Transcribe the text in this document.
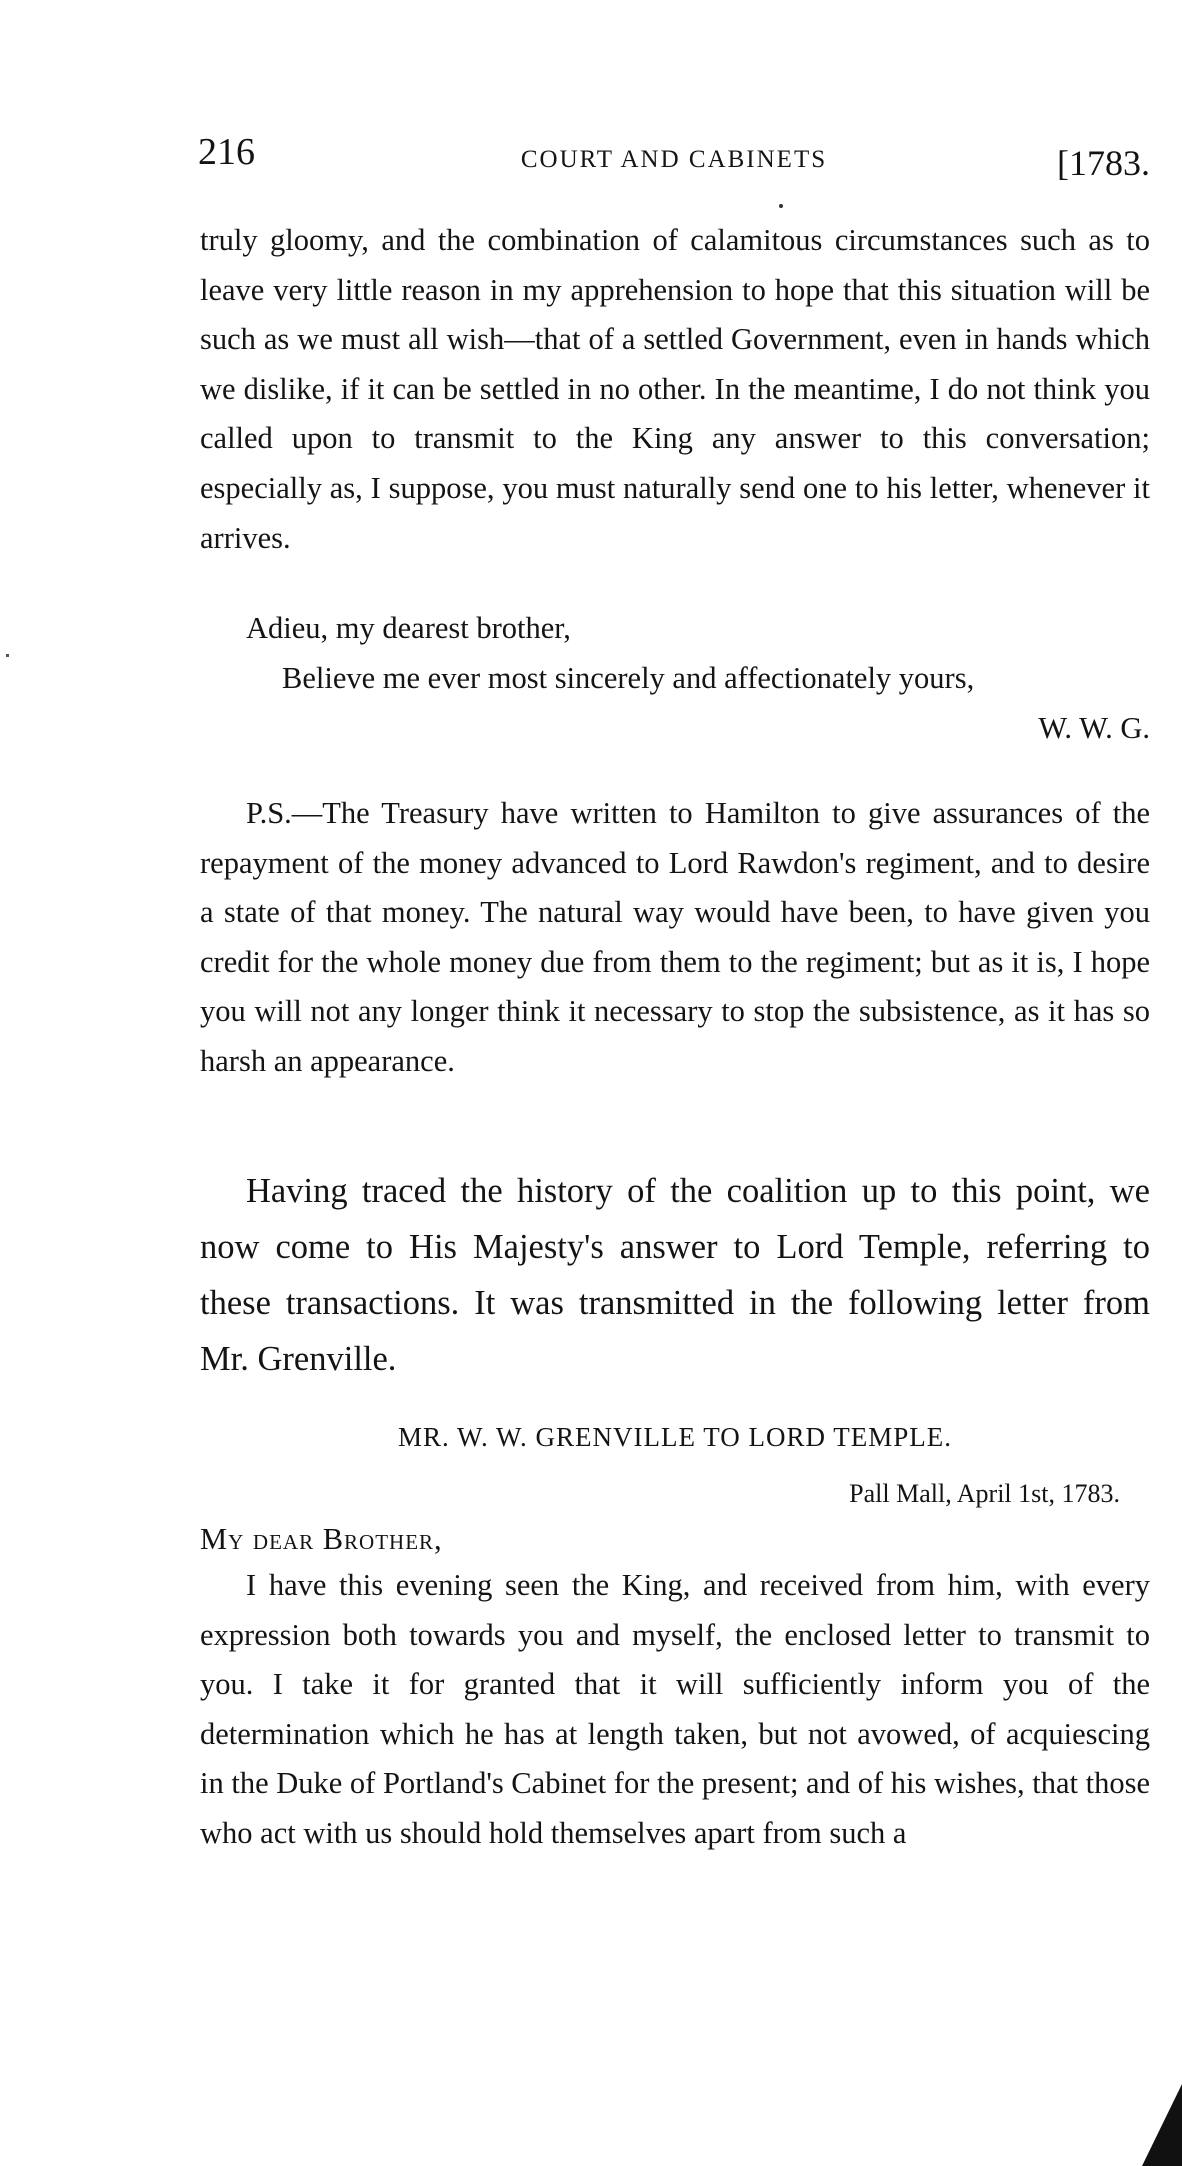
216	COURT AND CABINETS	[1783.

truly gloomy, and the combination of calamitous circumstances such as to leave very little reason in my apprehension to hope that this situation will be such as we must all wish—that of a settled Government, even in hands which we dislike, if it can be settled in no other. In the meantime, I do not think you called upon to transmit to the King any answer to this conversation; especially as, I suppose, you must naturally send one to his letter, whenever it arrives.

Adieu, my dearest brother,

Believe me ever most sincerely and affectionately yours,

W. W. G.

P.S.—The Treasury have written to Hamilton to give assurances of the repayment of the money advanced to Lord Rawdon's regiment, and to desire a state of that money. The natural way would have been, to have given you credit for the whole money due from them to the regiment; but as it is, I hope you will not any longer think it necessary to stop the subsistence, as it has so harsh an appearance.

Having traced the history of the coalition up to this point, we now come to His Majesty's answer to Lord Temple, referring to these transactions. It was transmitted in the following letter from Mr. Grenville.

MR. W. W. GRENVILLE TO LORD TEMPLE.

Pall Mall, April 1st, 1783.

My dear Brother,

I have this evening seen the King, and received from him, with every expression both towards you and myself, the enclosed letter to transmit to you. I take it for granted that it will sufficiently inform you of the determination which he has at length taken, but not avowed, of acquiescing in the Duke of Portland's Cabinet for the present; and of his wishes, that those who act with us should hold themselves apart from such a
